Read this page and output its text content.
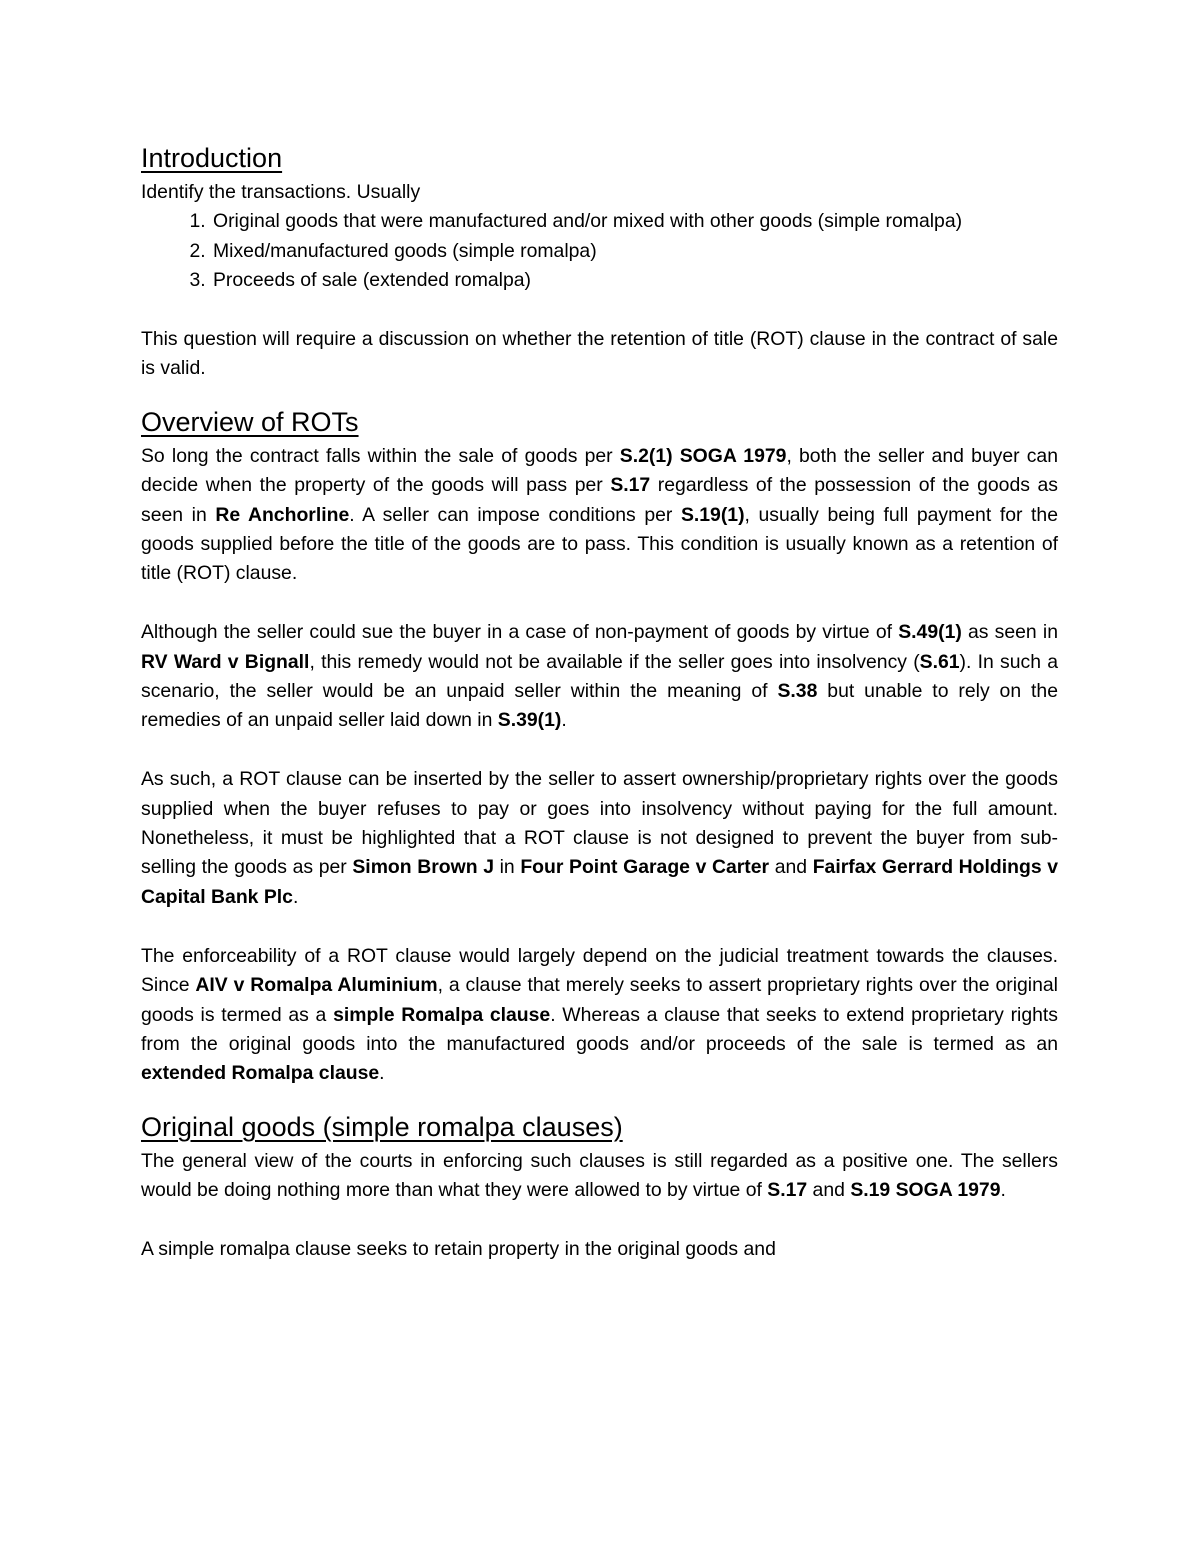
Introduction

Identify the transactions. Usually

1. Original goods that were manufactured and/or mixed with other goods (simple romalpa)
2. Mixed/manufactured goods (simple romalpa)
3. Proceeds of sale (extended romalpa)

This question will require a discussion on whether the retention of title (ROT) clause in the contract of sale is valid.

Overview of ROTs

So long the contract falls within the sale of goods per S.2(1) SOGA 1979, both the seller and buyer can decide when the property of the goods will pass per S.17 regardless of the possession of the goods as seen in Re Anchorline. A seller can impose conditions per S.19(1), usually being full payment for the goods supplied before the title of the goods are to pass. This condition is usually known as a retention of title (ROT) clause.

Although the seller could sue the buyer in a case of non-payment of goods by virtue of S.49(1) as seen in RV Ward v Bignall, this remedy would not be available if the seller goes into insolvency (S.61). In such a scenario, the seller would be an unpaid seller within the meaning of S.38 but unable to rely on the remedies of an unpaid seller laid down in S.39(1).

As such, a ROT clause can be inserted by the seller to assert ownership/proprietary rights over the goods supplied when the buyer refuses to pay or goes into insolvency without paying for the full amount. Nonetheless, it must be highlighted that a ROT clause is not designed to prevent the buyer from sub-selling the goods as per Simon Brown J in Four Point Garage v Carter and Fairfax Gerrard Holdings v Capital Bank Plc.

The enforceability of a ROT clause would largely depend on the judicial treatment towards the clauses. Since AIV v Romalpa Aluminium, a clause that merely seeks to assert proprietary rights over the original goods is termed as a simple Romalpa clause. Whereas a clause that seeks to extend proprietary rights from the original goods into the manufactured goods and/or proceeds of the sale is termed as an extended Romalpa clause.

Original goods (simple romalpa clauses)

The general view of the courts in enforcing such clauses is still regarded as a positive one. The sellers would be doing nothing more than what they were allowed to by virtue of S.17 and S.19 SOGA 1979.

A simple romalpa clause seeks to retain property in the original goods and
